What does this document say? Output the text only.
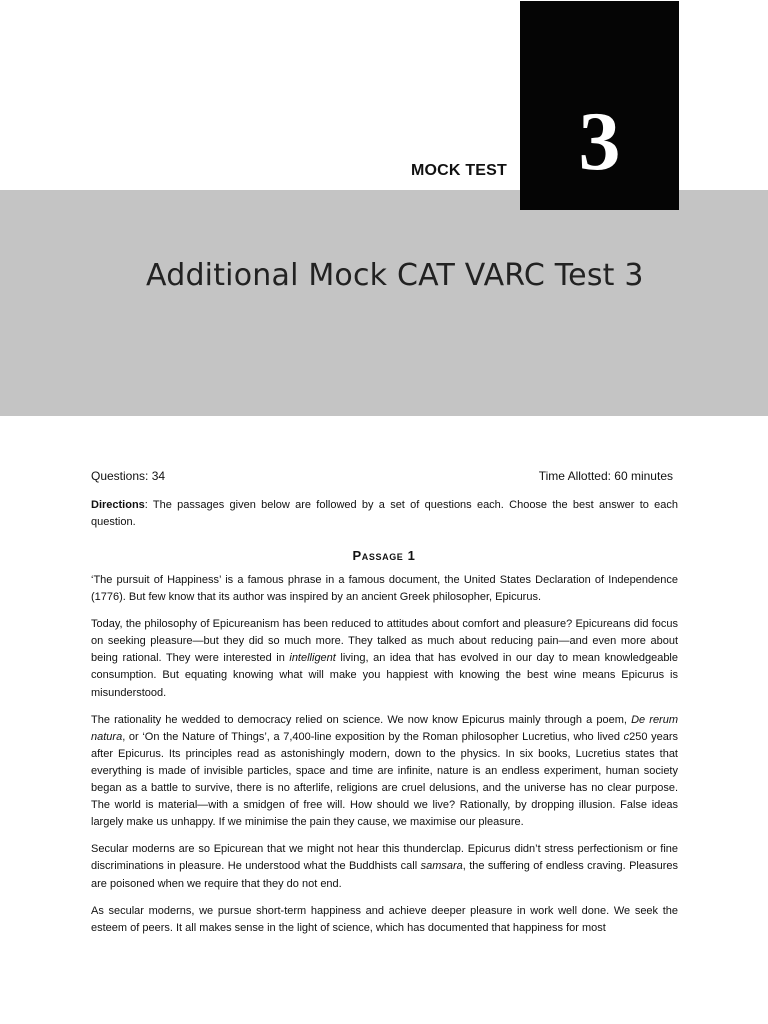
3
MOCK TEST
Additional Mock CAT VARC Test 3
Questions: 34	Time Allotted: 60 minutes
Directions: The passages given below are followed by a set of questions each. Choose the best answer to each question.
Passage 1

‘The pursuit of Happiness’ is a famous phrase in a famous document, the United States Declaration of Independence (1776). But few know that its author was inspired by an ancient Greek philosopher, Epicurus.

Today, the philosophy of Epicureanism has been reduced to attitudes about comfort and pleasure? Epicureans did focus on seeking pleasure—but they did so much more. They talked as much about reducing pain—and even more about being rational. They were interested in intelligent living, an idea that has evolved in our day to mean knowledgeable consumption. But equating knowing what will make you happiest with knowing the best wine means Epicurus is misunderstood.

The rationality he wedded to democracy relied on science. We now know Epicurus mainly through a poem, De rerum natura, or ‘On the Nature of Things’, a 7,400-line exposition by the Roman philosopher Lucretius, who lived c250 years after Epicurus. Its principles read as astonishingly modern, down to the physics. In six books, Lucretius states that everything is made of invisible particles, space and time are infinite, nature is an endless experiment, human society began as a battle to survive, there is no afterlife, religions are cruel delusions, and the universe has no clear purpose. The world is material—with a smidgen of free will. How should we live? Rationally, by dropping illusion. False ideas largely make us unhappy. If we minimise the pain they cause, we maximise our pleasure.

Secular moderns are so Epicurean that we might not hear this thunderclap. Epicurus didn’t stress perfectionism or fine discriminations in pleasure. He understood what the Buddhists call samsara, the suffering of endless craving. Pleasures are poisoned when we require that they do not end.

As secular moderns, we pursue short-term happiness and achieve deeper pleasure in work well done. We seek the esteem of peers. It all makes sense in the light of science, which has documented that happiness for most
